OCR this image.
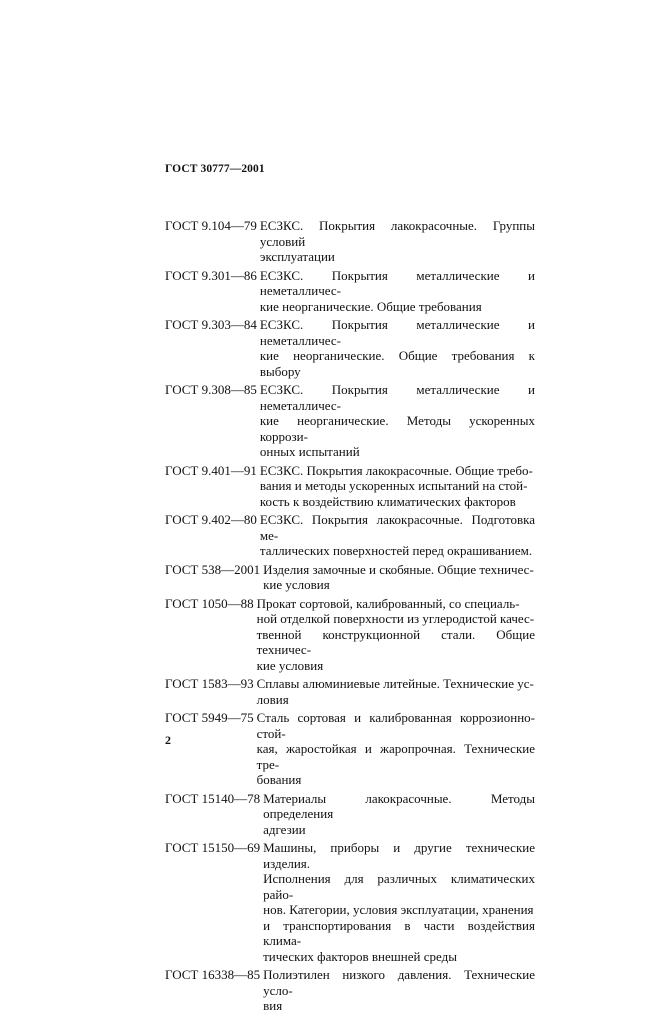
ГОСТ 30777—2001
ГОСТ 9.104—79 ЕСЗКС. Покрытия лакокрасочные. Группы условий
эксплуатации
ГОСТ 9.301—86 ЕСЗКС. Покрытия металлические и неметалличес-
кие неорганические. Общие требования
ГОСТ 9.303—84 ЕСЗКС. Покрытия металлические и неметалличес-
кие неорганические. Общие требования к выбору
ГОСТ 9.308—85 ЕСЗКС. Покрытия металлические и неметалличес-
кие неорганические. Методы ускоренных коррози-
онных испытаний
ГОСТ 9.401—91 ЕСЗКС. Покрытия лакокрасочные. Общие требо-
вания и методы ускоренных испытаний на стой-
кость к воздействию климатических факторов
ГОСТ 9.402—80 ЕСЗКС. Покрытия лакокрасочные. Подготовка ме-
таллических поверхностей перед окрашиванием.
ГОСТ 538—2001 Изделия замочные и скобяные. Общие техничес-
кие условия
ГОСТ 1050—88 Прокат сортовой, калиброванный, со специаль-
ной отделкой поверхности из углеродистой качес-
твенной конструкционной стали. Общие техничес-
кие условия
ГОСТ 1583—93 Сплавы алюминиевые литейные. Технические ус-
ловия
ГОСТ 5949—75 Сталь сортовая и калиброванная коррозионно-стой-
кая, жаростойкая и жаропрочная. Технические тре-
бования
ГОСТ 15140—78 Материалы лакокрасочные. Методы определения
адгезии
ГОСТ 15150—69 Машины, приборы и другие технические изделия.
Исполнения для различных климатических райо-
нов. Категории, условия эксплуатации, хранения
и транспортирования в части воздействия клима-
тических факторов внешней среды
ГОСТ 16338—85 Полиэтилен низкого давления. Технические усло-
вия
2
